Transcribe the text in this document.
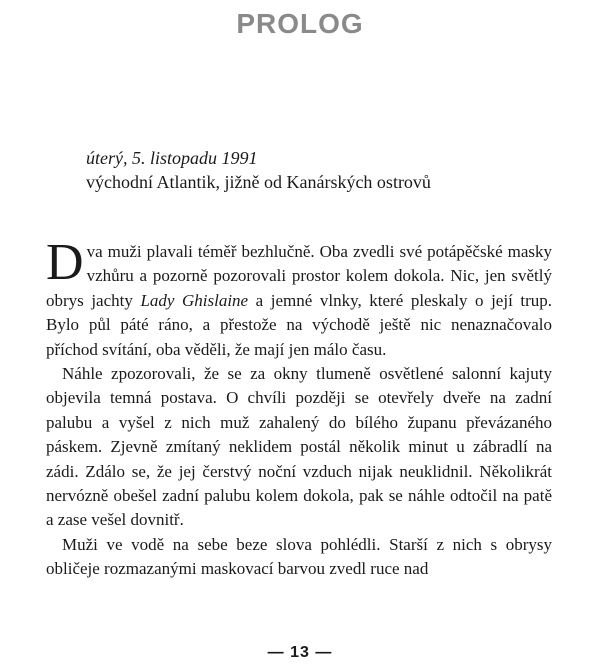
PROLOG
úterý, 5. listopadu 1991
východní Atlantik, jižně od Kanárských ostrovů

Dva muži plavali téměř bezhlučně. Oba zvedli své potápěčské masky vzhůru a pozorně pozorovali prostor kolem dokola. Nic, jen světlý obrys jachty Lady Ghislaine a jemné vlnky, které pleskaly o její trup. Bylo půl páté ráno, a přestože na východě ještě nic nenaznačovalo příchod svítání, oba věděli, že mají jen málo času.

Náhle zpozorovali, že se za okny tlumeně osvětlené salonní kajuty objevila temná postava. O chvíli později se otevřely dveře na zadní palubu a vyšel z nich muž zahalený do bílého županu převázaného páskem. Zjevně zmítaný neklidem postál několik minut u zábradlí na zádi. Zdálo se, že jej čerstvý noční vzduch nijak neuklidnil. Několikrát nervózně obešel zadní palubu kolem dokola, pak se náhle odtočil na patě a zase vešel dovnitř.

Muži ve vodě na sebe beze slova pohlédli. Starší z nich s obrysy obličeje rozmazanými maskovací barvou zvedl ruce nad

— 13 —
